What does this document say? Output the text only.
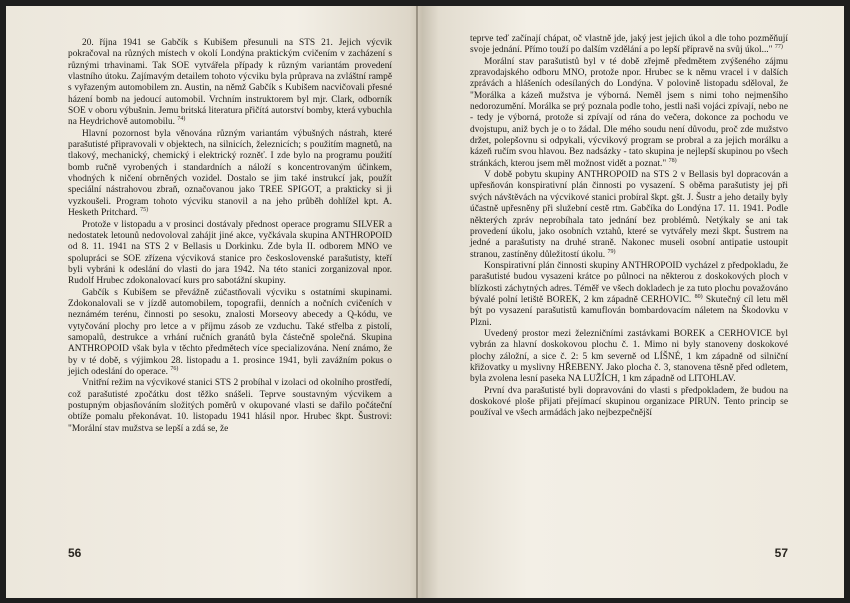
20. října 1941 se Gabčík s Kubišem přesunuli na STS 21. Jejich výcvik pokračoval na různých místech v okolí Londýna praktickým cvičením v zacházení s různými trhavinami. Tak SOE vytvářela případy k různým variantám provedení vlastního útoku. Zajímavým detailem tohoto výcviku byla průprava na zvláštní rampě s vyřazeným automobilem zn. Austin, na němž Gabčík s Kubišem nacvičovali přesné házení bomb na jedoucí automobil. Vrchním instruktorem byl mjr. Clark, odborník SOE v oboru výbušnin. Jemu britská literatura přičítá autorství bomby, která vybuchla na Heydrichově automobilu. $^{74)}$

Hlavní pozornost byla věnována různým variantám výbušných nástrah, které parašutisté připravovali v objektech, na silnicích, železnicích; s použitím magnetů, na tlakový, mechanický, chemický i elektrický rozněť. I zde bylo na programu použití bomb ručně vyrobených i standardních a náloží s koncentrovaným účinkem, vhodných k ničení obrněných vozidel. Dostalo se jim také instrukcí jak, použít speciální nástrahovou zbraň, označovanou jako TREE SPIGOT, a prakticky si ji vyzkoušeli. Program tohoto výcviku stanovil a na jeho průběh dohlížel kpt. A. Hesketh Pritchard. $^{75)}$

Protože v listopadu a v prosinci dostávaly přednost operace programu SILVER a nedostatek letounů nedovoloval zahájit jiné akce, vyčkávala skupina ANTHROPOID od 8. 11. 1941 na STS 2 v Bellasis u Dorkinku. Zde byla II. odborem MNO ve spolupráci se SOE zřízena výcviková stanice pro československé parašutisty, kteří byli vybráni k odeslání do vlasti do jara 1942. Na této stanici zorganizoval npor. Rudolf Hrubec zdokonalovací kurs pro sabotážní skupiny.

Gabčík s Kubišem se převážně zúčastňovali výcviku s ostatními skupinami. Zdokonalovali se v jízdě automobilem, topografii, denních a nočních cvičeních v neznámém terénu, činnosti po sesoku, znalosti Morseovy abecedy a Q-kódu, ve vytyčování plochy pro letce a v příjmu zásob ze vzduchu. Také střelba z pistolí, samopalů, destrukce a vrhání ručních granátů byla částečně společná. Skupina ANTHROPOID však byla v těchto předmětech více specializována. Není známo, že by v té době, s výjimkou 28. listopadu a 1. prosince 1941, byli zavážním pokus o jejich odeslání do operace. $^{76)}$

Vnitřní režim na výcvikové stanici STS 2 probíhal v izolaci od okolního prostředí, což parašutisté zpočátku dost těžko snášeli. Teprve soustavným výcvikem a postupným objasňováním složitých poměrů v okupované vlasti se dařilo počáteční obtíže pomalu překonávat. 10. listopadu 1941 hlásil npor. Hrubec škpt. Šustrovi: "Morální stav mužstva se lepší a zdá se, že

56

teprve teď začínají chápat, oč vlastně jde, jaký jest jejich úkol a dle toho pozměňují svoje jednání. Přímo touží po dalším vzdělání a po lepší přípravě na svůj úkol..." $^{77)}$

Morální stav parašutistů byl v té době zřejmě předmětem zvýšeného zájmu zpravodajského odboru MNO, protože npor. Hrubec se k němu vracel i v dalších zprávách a hlášeních odesílaných do Londýna. V polovině listopadu sděloval, že "Morálka a kázeň mužstva je výborná. Neměl jsem s nimi toho nejmenšího nedorozumění. Morálka se prý poznala podle toho, jestli naši vojáci zpívají, nebo ne - tedy je výborná, protože si zpívají od rána do večera, dokonce za pochodu ve dvojstupu, aniž bych je o to žádal. Dle mého soudu není důvodu, proč zde mužstvo držet, polepšovnu si odpykali, výcvikový program se probral a za jejich morálku a kázeň ručím svou hlavou. Bez nadsázky - tato skupina je nejlepší skupinou po všech stránkách, kterou jsem měl možnost vidět a poznat." $^{78)}$

V době pobytu skupiny ANTHROPOID na STS 2 v Bellasis byl dopracován a upřesňován konspirativní plán činnosti po vysazení. S oběma parašutisty jej při svých návštěvách na výcvikové stanici probíral škpt. gšt. J. Šustr a jeho detaily byly účastně upřesněny při služební cestě rtm. Gabčíka do Londýna 17. 11. 1941. Podle některých zpráv neprobíhala tato jednání bez problémů. Netýkaly se ani tak provedení úkolu, jako osobních vztahů, které se vytvářely mezi škpt. Šustrem na jedné a parašutisty na druhé straně. Nakonec museli osobní antipatie ustoupit stranou, zastíněny důležitostí úkolu. $^{79)}$

Konspirativní plán činnosti skupiny ANTHROPOID vycházel z předpokladu, že parašutisté budou vysazeni krátce po půlnoci na některou z doskokových ploch v blízkosti záchytných adres. Téměř ve všech dokladech je za tuto plochu považováno bývalé polní letiště BOREK, 2 km západně CERHOVIC. $^{80)}$ Skutečný cíl letu měl být po vysazení parašutistů kamuflován bombardovacím náletem na Škodovku v Plzni.

Uvedený prostor mezi železničními zastávkami BOREK a CERHOVICE byl vybrán za hlavní doskokovou plochu č. 1. Mimo ni byly stanoveny doskokové plochy záložní, a sice č. 2: 5 km severně od LÍŠNÉ, 1 km západně od silniční křižovatky u myslivny HŘEBENY. Jako plocha č. 3, stanovena těsně před odletem, byla zvolena lesní paseka NA LUŽÍCH, 1 km západně od LITOHLAV.

První dva parašutisté byli dopravováni do vlasti s předpokladem, že budou na doskokové ploše přijati přejímací skupinou organizace PIRUN. Tento princip se používal ve všech armádách jako nejbezpečnější

57
